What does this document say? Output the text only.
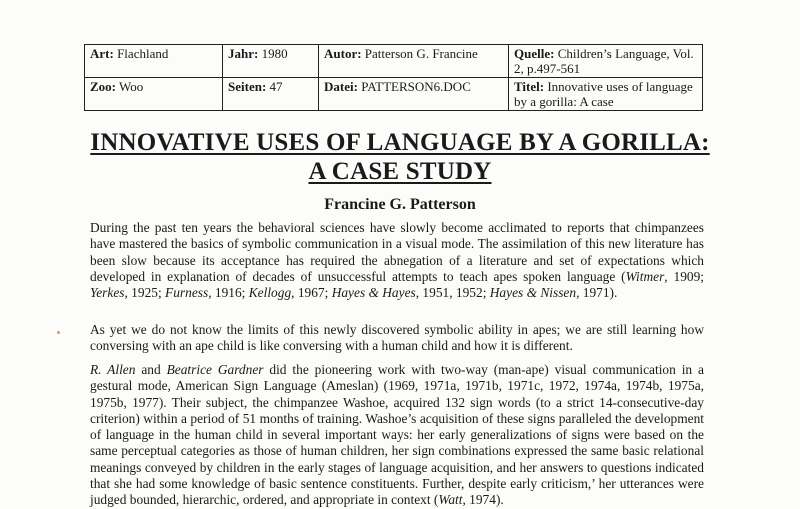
Art: Flachland	Jahr: 1980	Autor: Patterson G. Francine	Quelle: Children’s Language, Vol. 2, p.497-561
Zoo: Woo	Seiten: 47	Datei: PATTERSON6.DOC	Titel: Innovative uses of language by a gorilla: A case
INNOVATIVE USES OF LANGUAGE BY A GORILLA:
A CASE STUDY
Francine G. Patterson
During the past ten years the behavioral sciences have slowly become acclimated to reports that chimpanzees have mastered the basics of symbolic communication in a visual mode. The assimilation of this new literature has been slow because its acceptance has required the abnegation of a literature and set of expectations which developed in explanation of decades of unsuccessful attempts to teach apes spoken language (Witmer, 1909; Yerkes, 1925; Furness, 1916; Kellogg, 1967; Hayes & Hayes, 1951, 1952; Hayes & Nissen, 1971).
As yet we do not know the limits of this newly discovered symbolic ability in apes; we are still learning how conversing with an ape child is like conversing with a human child and how it is different.
R. Allen and Beatrice Gardner did the pioneering work with two-way (man-ape) visual communication in a gestural mode, American Sign Language (Ameslan) (1969, 1971a, 1971b, 1971c, 1972, 1974a, 1974b, 1975a, 1975b, 1977). Their subject, the chimpanzee Washoe, acquired 132 sign words (to a strict 14-consecutive-day criterion) within a period of 51 months of training. Washoe’s acquisition of these signs paralleled the development of language in the human child in several important ways: her early generalizations of signs were based on the same perceptual categories as those of human children, her sign combinations expressed the same basic relational meanings conveyed by children in the early stages of language acquisition, and her answers to questions indicated that she had some knowledge of basic sentence constituents. Further, despite early criticism,’ her utterances were judged bounded, hierarchic, ordered, and appropriate in context (Watt, 1974).
